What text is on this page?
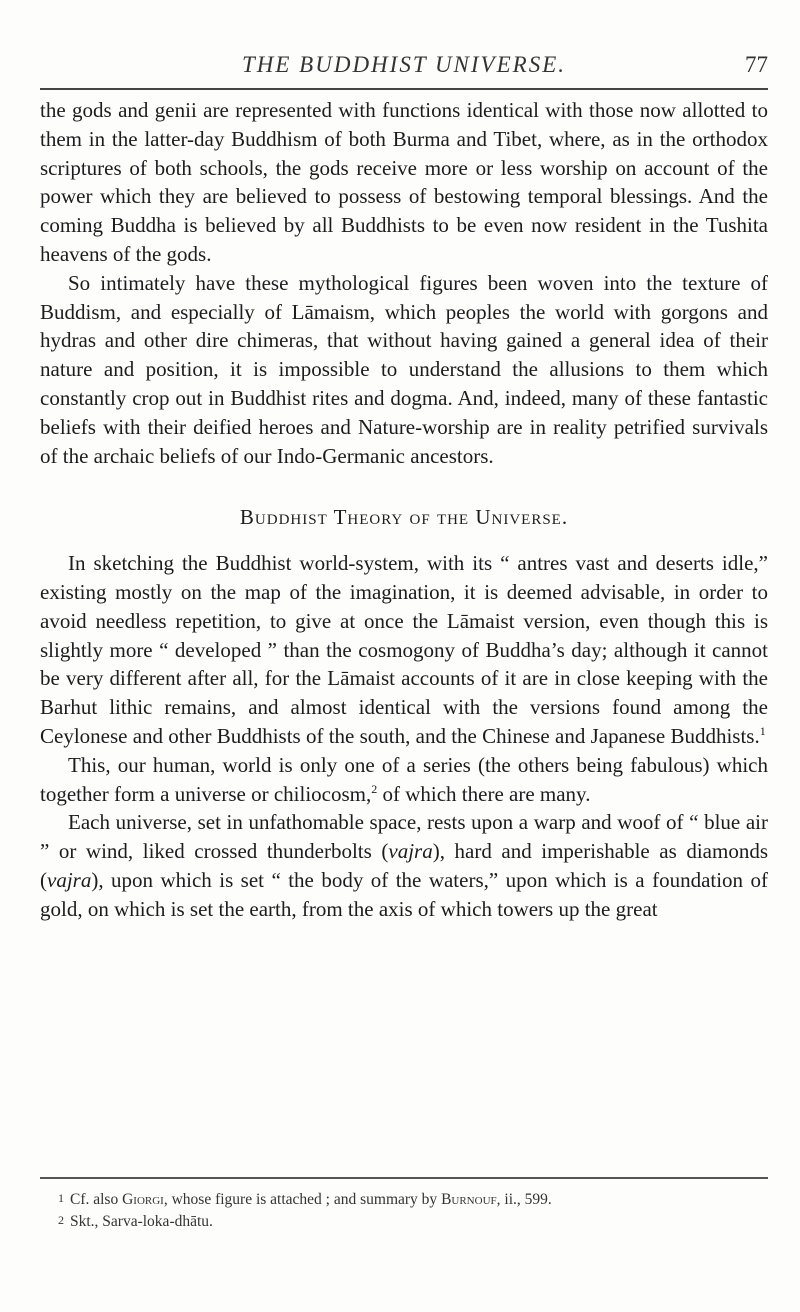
THE BUDDHIST UNIVERSE.	77

the gods and genii are represented with functions identical with those now allotted to them in the latter-day Buddhism of both Burma and Tibet, where, as in the orthodox scriptures of both schools, the gods receive more or less worship on account of the power which they are believed to possess of bestowing temporal blessings. And the coming Buddha is believed by all Buddhists to be even now resident in the Tushita heavens of the gods.

So intimately have these mythological figures been woven into the texture of Buddism, and especially of Lāmaism, which peoples the world with gorgons and hydras and other dire chimeras, that without having gained a general idea of their nature and position, it is impossible to understand the allusions to them which constantly crop out in Buddhist rites and dogma. And, indeed, many of these fantastic beliefs with their deified heroes and Nature-worship are in reality petrified survivals of the archaic beliefs of our Indo-Germanic ancestors.

Buddhist Theory of the Universe.

In sketching the Buddhist world-system, with its “ antres vast and deserts idle,” existing mostly on the map of the imagination, it is deemed advisable, in order to avoid needless repetition, to give at once the Lāmaist version, even though this is slightly more “ developed ” than the cosmogony of Buddha’s day; although it cannot be very different after all, for the Lāmaist accounts of it are in close keeping with the Barhut lithic remains, and almost identical with the versions found among the Ceylonese and other Buddhists of the south, and the Chinese and Japanese Buddhists.$^1$

This, our human, world is only one of a series (the others being fabulous) which together form a universe or chiliocosm,$^2$ of which there are many.

Each universe, set in unfathomable space, rests upon a warp and woof of “ blue air ” or wind, liked crossed thunderbolts (vajra), hard and imperishable as diamonds (vajra), upon which is set “ the body of the waters,” upon which is a foundation of gold, on which is set the earth, from the axis of which towers up the great

1 Cf. also Giorgi, whose figure is attached ; and summary by Burnouf, ii., 599.

2 Skt., Sarva-loka-dhātu.
